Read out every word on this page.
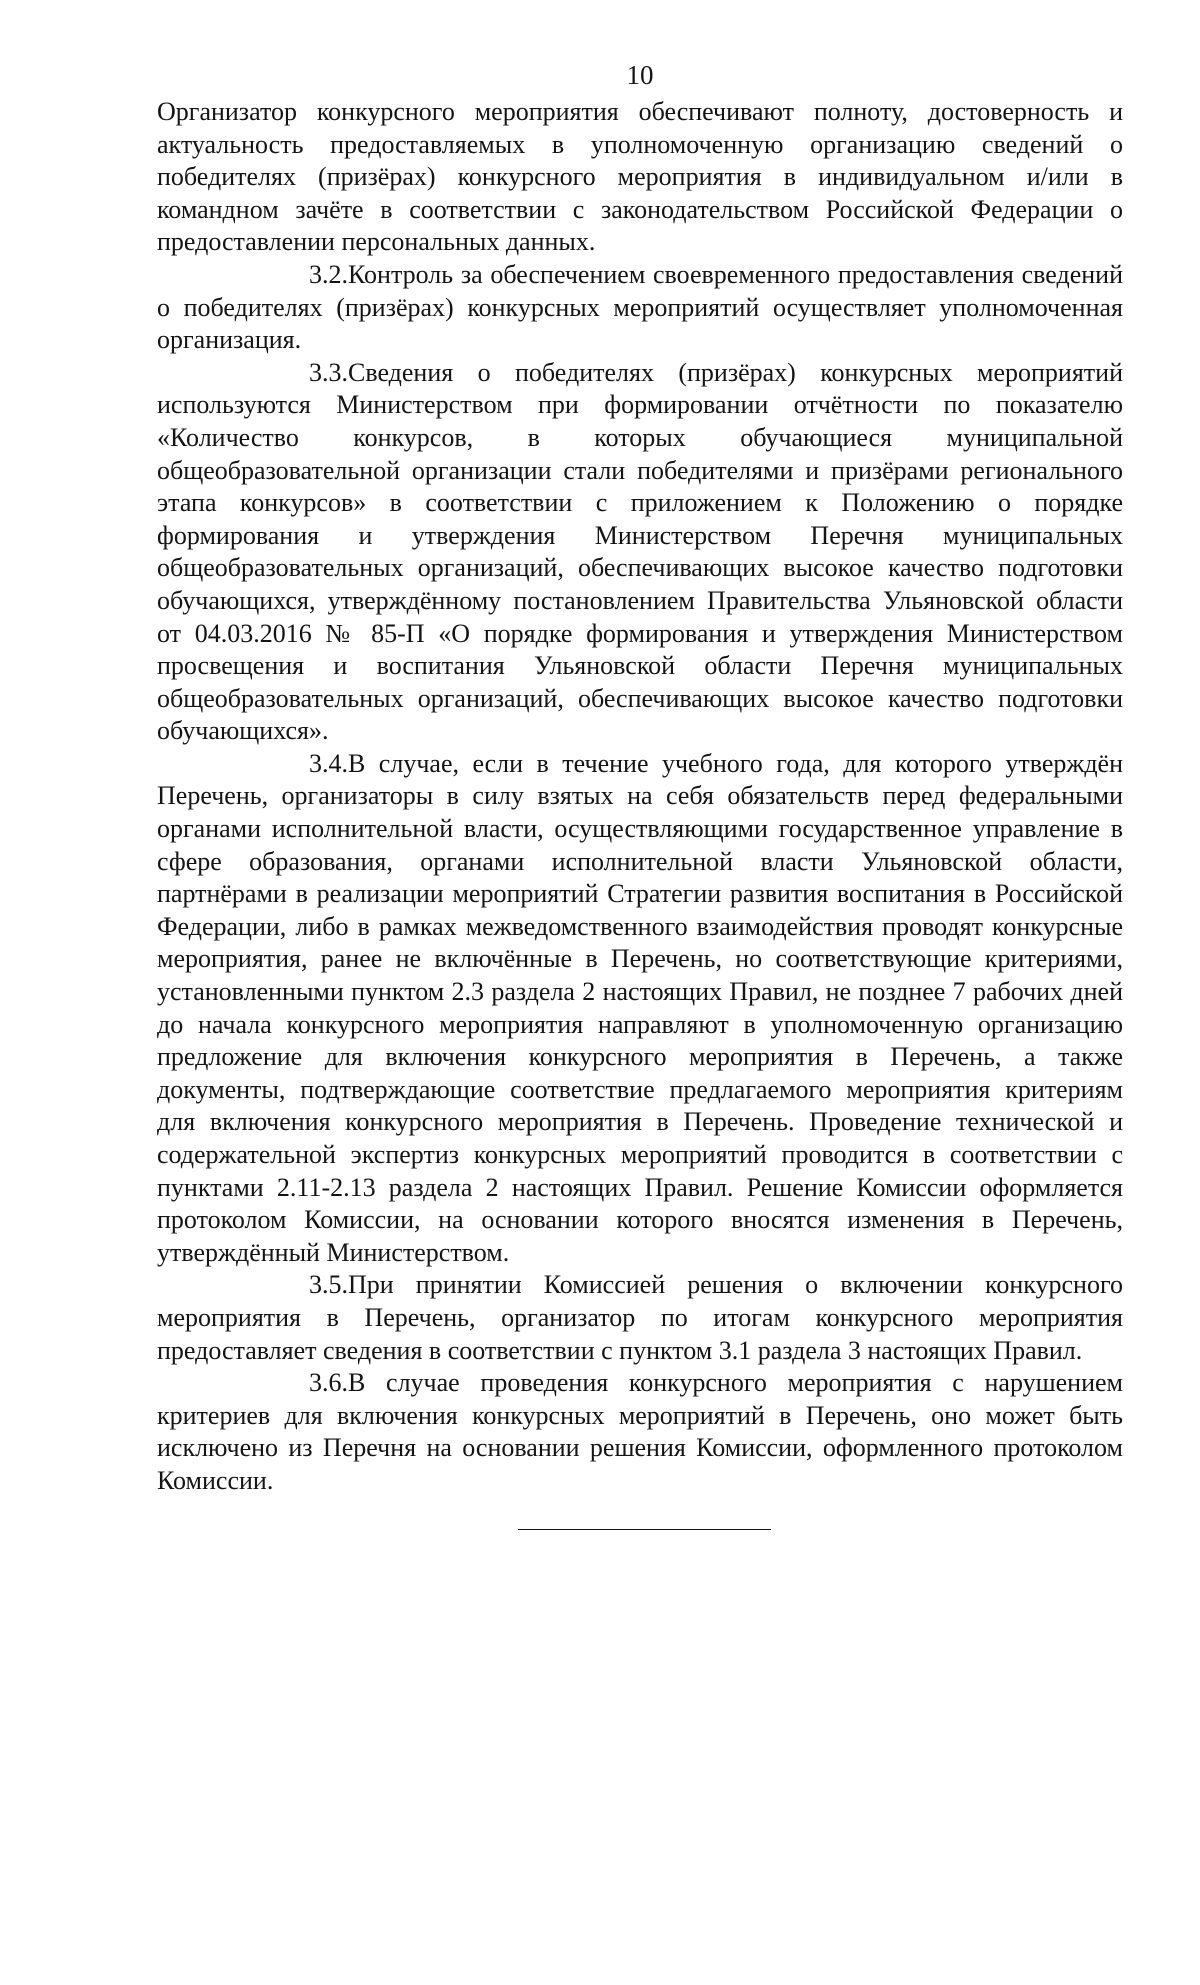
10

Организатор конкурсного мероприятия обеспечивают полноту, достоверность и актуальность предоставляемых в уполномоченную организацию сведений о победителях (призёрах) конкурсного мероприятия в индивидуальном и/или в командном зачёте в соответствии с законодательством Российской Федерации о предоставлении персональных данных.

3.2.Контроль за обеспечением своевременного предоставления сведений о победителях (призёрах) конкурсных мероприятий осуществляет уполномоченная организация.

3.3.Сведения о победителях (призёрах) конкурсных мероприятий используются Министерством при формировании отчётности по показателю «Количество конкурсов, в которых обучающиеся муниципальной общеобразовательной организации стали победителями и призёрами регионального этапа конкурсов» в соответствии с приложением к Положению о порядке формирования и утверждения Министерством Перечня муниципальных общеобразовательных организаций, обеспечивающих высокое качество подготовки обучающихся, утверждённому постановлением Правительства Ульяновской области от 04.03.2016 № 85-П «О порядке формирования и утверждения Министерством просвещения и воспитания Ульяновской области Перечня муниципальных общеобразовательных организаций, обеспечивающих высокое качество подготовки обучающихся».

3.4.В случае, если в течение учебного года, для которого утверждён Перечень, организаторы в силу взятых на себя обязательств перед федеральными органами исполнительной власти, осуществляющими государственное управление в сфере образования, органами исполнительной власти Ульяновской области, партнёрами в реализации мероприятий Стратегии развития воспитания в Российской Федерации, либо в рамках межведомственного взаимодействия проводят конкурсные мероприятия, ранее не включённые в Перечень, но соответствующие критериями, установленными пунктом 2.3 раздела 2 настоящих Правил, не позднее 7 рабочих дней до начала конкурсного мероприятия направляют в уполномоченную организацию предложение для включения конкурсного мероприятия в Перечень, а также документы, подтверждающие соответствие предлагаемого мероприятия критериям для включения конкурсного мероприятия в Перечень. Проведение технической и содержательной экспертиз конкурсных мероприятий проводится в соответствии с пунктами 2.11-2.13 раздела 2 настоящих Правил. Решение Комиссии оформляется протоколом Комиссии, на основании которого вносятся изменения в Перечень, утверждённый Министерством.

3.5.При принятии Комиссией решения о включении конкурсного мероприятия в Перечень, организатор по итогам конкурсного мероприятия предоставляет сведения в соответствии с пунктом 3.1 раздела 3 настоящих Правил.

3.6.В случае проведения конкурсного мероприятия с нарушением критериев для включения конкурсных мероприятий в Перечень, оно может быть исключено из Перечня на основании решения Комиссии, оформленного протоколом Комиссии.
